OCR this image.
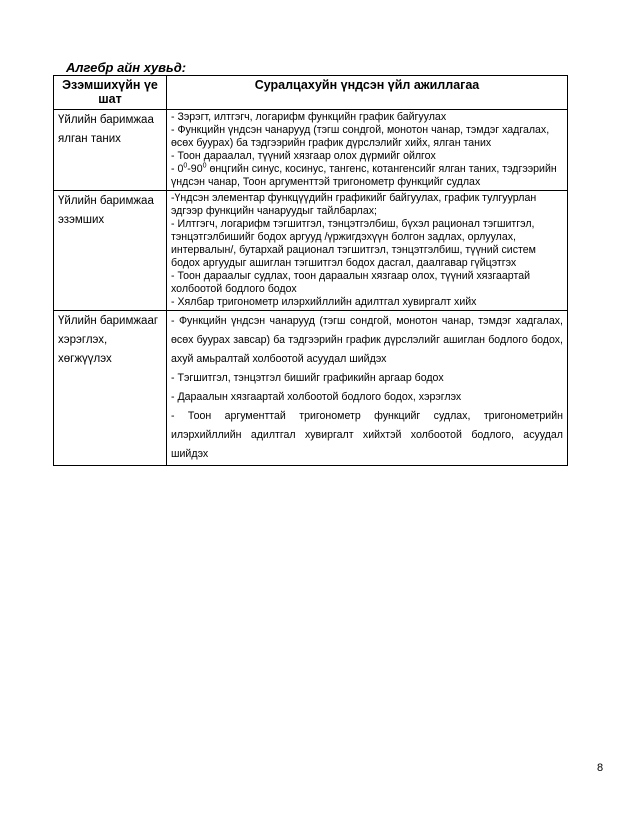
Алгебр айн хувьд:
Эзэмшихүйн үе шат	Суралцахуйн үндсэн үйл ажиллагаа
Үйлийн баримжаа ялган таних	- Зэрэгт, илтгэгч, логарифм функцийн график байгуулах
- Функцийн үндсэн чанарууд (тэгш сондгой, монотон чанар, тэмдэг хадгалах, өсөх буурах) ба тэдгээрийн график дүрслэлийг хийх, ялган таних
- Тоон дараалал, түүний хязгаар олох дүрмийг ойлгох
- $0^0-90^0$ өнцгийн синус, косинус, тангенс, котангенсийг ялган таних, тэдгээрийн үндсэн чанар, Тоон аргументтэй тригонометр функцийг судлах

Үйлийн баримжаа эзэмших	-Үндсэн элементар функцүүдийн графикийг байгуулах, график тулгуурлан эдгээр функцийн чанаруудыг тайлбарлах;
- Илтгэгч, логарифм тэгшитгэл, тэнцэтгэлбиш, бүхэл рационал тэгшитгэл, тэнцэтгэлбишийг бодох аргууд /үржигдэхүүн болгон задлах, орлуулах, интервалын/, бутархай рационал тэгшитгэл, тэнцэтгэлбиш, түүний систем бодох аргуудыг ашиглан тэгшитгэл бодох дасгал, даалгавар гүйцэтгэх
- Тоон дараалыг судлах, тоон дараалын хязгаар олох, түүний хязгаартай холбоотой бодлого бодох
- Хялбар тригонометр илэрхийллийн адилтгал хувиргалт хийх

Үйлийн баримжааг хэрэглэх, хөгжүүлэх	- Функцийн үндсэн чанарууд (тэгш сондгой, монотон чанар, тэмдэг хадгалах, өсөх буурах завсар) ба тэдгээрийн график дүрслэлийг ашиглан бодлого бодох, ахуй амьралтай холбоотой асуудал шийдэх
- Тэгшитгэл, тэнцэтгэл бишийг графикийн аргаар бодох
- Дараалын хязгаартай холбоотой бодлого бодох, хэрэглэх
- Тоон аргументтай тригонометр функцийг судлах, тригонометрийн илэрхийллийн адилтгал хувиргалт хийхтэй холбоотой бодлого, асуудал шийдэх
8
